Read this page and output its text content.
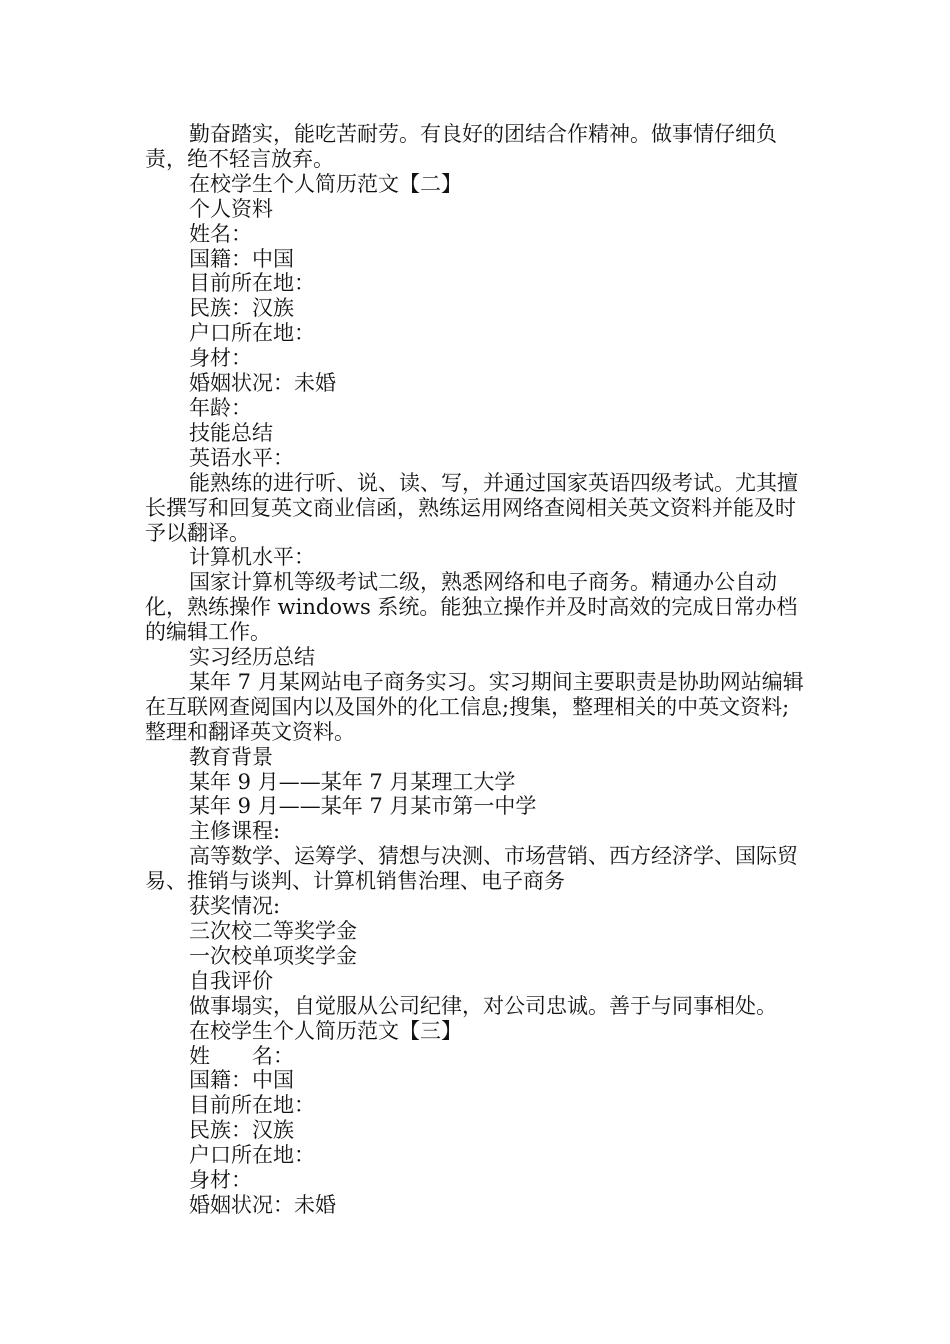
勤奋踏实，能吃苦耐劳。有良好的团结合作精神。做事情仔细负责，绝不轻言放弃。

在校学生个人简历范文【二】

个人资料

姓名：

国籍：中国

目前所在地：

民族：汉族

户口所在地：

身材：

婚姻状况：未婚

年龄：

技能总结

英语水平：

能熟练的进行听、说、读、写，并通过国家英语四级考试。尤其擅长撰写和回复英文商业信函，熟练运用网络查阅相关英文资料并能及时予以翻译。

计算机水平：

国家计算机等级考试二级，熟悉网络和电子商务。精通办公自动化，熟练操作 windows 系统。能独立操作并及时高效的完成日常办档的编辑工作。

实习经历总结

某年 7 月某网站电子商务实习。实习期间主要职责是协助网站编辑在互联网查阅国内以及国外的化工信息;搜集，整理相关的中英文资料;整理和翻译英文资料。

教育背景

某年 9 月——某年 7 月某理工大学

某年 9 月——某年 7 月某市第一中学

主修课程:

高等数学、运筹学、猜想与决测、市场营销、西方经济学、国际贸易、推销与谈判、计算机销售治理、电子商务

获奖情况:

三次校二等奖学金

一次校单项奖学金

自我评价

做事塌实，自觉服从公司纪律，对公司忠诚。善于与同事相处。

在校学生个人简历范文【三】

姓　　名：

国籍：中国

目前所在地：

民族：汉族

户口所在地：

身材：

婚姻状况：未婚
